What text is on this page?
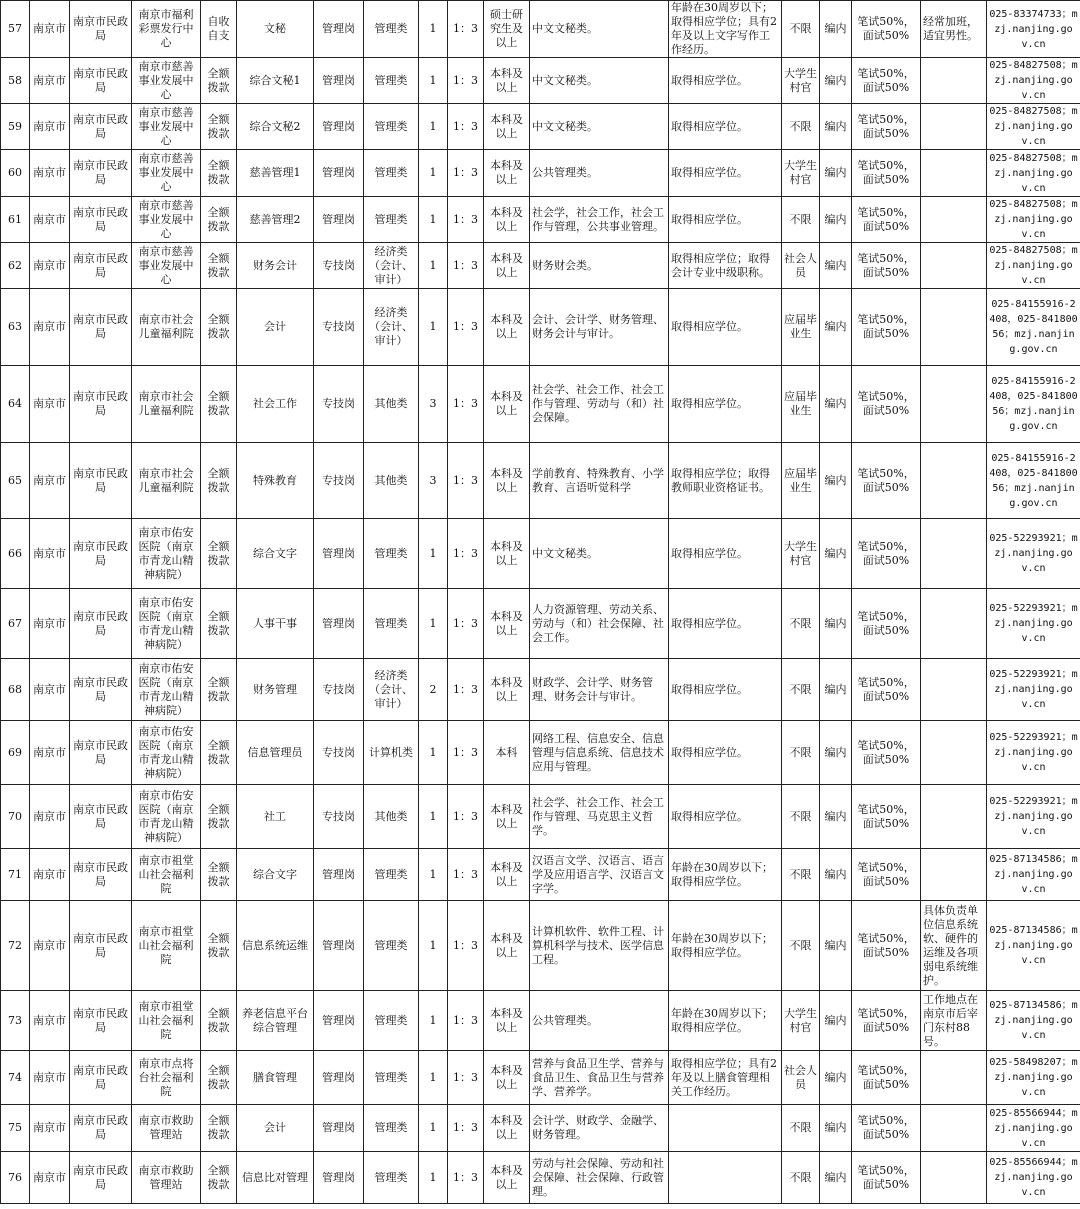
57	南京市	南京市民政局	南京市福利彩票发行中心	自收自支	文秘	管理岗	管理类	1	1：3	硕士研究生及以上	中文文秘类。	年龄在30周岁以下；取得相应学位；具有2年及以上文字写作工作经历。	不限	编内	笔试50%，面试50%	经常加班，适宜男性。	025-83374733；mzj.nanjing.gov.cn
58	南京市	南京市民政局	南京市慈善事业发展中心	全额拨款	综合文秘1	管理岗	管理类	1	1：3	本科及以上	中文文秘类。	取得相应学位。	大学生村官	编内	笔试50%，面试50%		025-84827508；mzj.nanjing.gov.cn
59	南京市	南京市民政局	南京市慈善事业发展中心	全额拨款	综合文秘2	管理岗	管理类	1	1：3	本科及以上	中文文秘类。	取得相应学位。	不限	编内	笔试50%，面试50%		025-84827508；mzj.nanjing.gov.cn
60	南京市	南京市民政局	南京市慈善事业发展中心	全额拨款	慈善管理1	管理岗	管理类	1	1：3	本科及以上	公共管理类。	取得相应学位。	大学生村官	编内	笔试50%，面试50%		025-84827508；mzj.nanjing.gov.cn
61	南京市	南京市民政局	南京市慈善事业发展中心	全额拨款	慈善管理2	管理岗	管理类	1	1：3	本科及以上	社会学，社会工作，社会工作与管理，公共事业管理。	取得相应学位。	不限	编内	笔试50%，面试50%		025-84827508；mzj.nanjing.gov.cn
62	南京市	南京市民政局	南京市慈善事业发展中心	全额拨款	财务会计	专技岗	经济类（会计、审计）	1	1：3	本科及以上	财务财会类。	取得相应学位；取得会计专业中级职称。	社会人员	编内	笔试50%，面试50%		025-84827508；mzj.nanjing.gov.cn
63	南京市	南京市民政局	南京市社会儿童福利院	全额拨款	会计	专技岗	经济类（会计、审计）	1	1：3	本科及以上	会计、会计学、财务管理、财务会计与审计。	取得相应学位。	应届毕业生	编内	笔试50%，面试50%		025-84155916-2408，025-84180056；mzj.nanjing.gov.cn
64	南京市	南京市民政局	南京市社会儿童福利院	全额拨款	社会工作	专技岗	其他类	3	1：3	本科及以上	社会学、社会工作、社会工作与管理、劳动与（和）社会保障。	取得相应学位。	应届毕业生	编内	笔试50%，面试50%		025-84155916-2408，025-84180056；mzj.nanjing.gov.cn
65	南京市	南京市民政局	南京市社会儿童福利院	全额拨款	特殊教育	专技岗	其他类	3	1：3	本科及以上	学前教育、特殊教育、小学教育、言语听觉科学	取得相应学位；取得教师职业资格证书。	应届毕业生	编内	笔试50%，面试50%		025-84155916-2408，025-84180056；mzj.nanjing.gov.cn
66	南京市	南京市民政局	南京市佑安医院（南京市青龙山精神病院）	全额拨款	综合文字	管理岗	管理类	1	1：3	本科及以上	中文文秘类。	取得相应学位。	大学生村官	编内	笔试50%，面试50%		025-52293921；mzj.nanjing.gov.cn
67	南京市	南京市民政局	南京市佑安医院（南京市青龙山精神病院）	全额拨款	人事干事	管理岗	管理类	1	1：3	本科及以上	人力资源管理、劳动关系、劳动与（和）社会保障、社会工作。	取得相应学位。	不限	编内	笔试50%，面试50%		025-52293921；mzj.nanjing.gov.cn
68	南京市	南京市民政局	南京市佑安医院（南京市青龙山精神病院）	全额拨款	财务管理	专技岗	经济类（会计、审计）	2	1：3	本科及以上	财政学、会计学、财务管理、财务会计与审计。	取得相应学位。	不限	编内	笔试50%，面试50%		025-52293921；mzj.nanjing.gov.cn
69	南京市	南京市民政局	南京市佑安医院（南京市青龙山精神病院）	全额拨款	信息管理员	专技岗	计算机类	1	1：3	本科	网络工程、信息安全、信息管理与信息系统、信息技术应用与管理。	取得相应学位。	不限	编内	笔试50%，面试50%		025-52293921；mzj.nanjing.gov.cn
70	南京市	南京市民政局	南京市佑安医院（南京市青龙山精神病院）	全额拨款	社工	专技岗	其他类	1	1：3	本科及以上	社会学、社会工作、社会工作与管理、马克思主义哲学。	取得相应学位。	不限	编内	笔试50%，面试50%		025-52293921；mzj.nanjing.gov.cn
71	南京市	南京市民政局	南京市祖堂山社会福利院	全额拨款	综合文字	管理岗	管理类	1	1：3	本科及以上	汉语言文学、汉语言、语言学及应用语言学、汉语言文字学。	年龄在30周岁以下；取得相应学位。	不限	编内	笔试50%，面试50%		025-87134586；mzj.nanjing.gov.cn
72	南京市	南京市民政局	南京市祖堂山社会福利院	全额拨款	信息系统运维	管理岗	管理类	1	1：3	本科及以上	计算机软件、软件工程、计算机科学与技术、医学信息工程。	年龄在30周岁以下；取得相应学位。	不限	编内	笔试50%，面试50%	具体负责单位信息系统软、硬件的运维及各项弱电系统维护。	025-87134586；mzj.nanjing.gov.cn
73	南京市	南京市民政局	南京市祖堂山社会福利院	全额拨款	养老信息平台综合管理	管理岗	管理类	1	1：3	本科及以上	公共管理类。	年龄在30周岁以下；取得相应学位。	大学生村官	编内	笔试50%，面试50%	工作地点在南京市后宰门东村88号。	025-87134586；mzj.nanjing.gov.cn
74	南京市	南京市民政局	南京市点将台社会福利院	全额拨款	膳食管理	管理岗	管理类	1	1：3	本科及以上	营养与食品卫生学、营养与食品卫生、食品卫生与营养学、营养学。	取得相应学位；具有2年及以上膳食管理相关工作经历。	社会人员	编内	笔试50%，面试50%		025-58498207；mzj.nanjing.gov.cn
75	南京市	南京市民政局	南京市救助管理站	全额拨款	会计	管理岗	管理类	1	1：3	本科及以上	会计学、财政学、金融学、财务管理。		不限	编内	笔试50%，面试50%		025-85566944；mzj.nanjing.gov.cn
76	南京市	南京市民政局	南京市救助管理站	全额拨款	信息比对管理	管理岗	管理类	1	1：3	本科及以上	劳动与社会保障、劳动和社会保障、社会保障、行政管理。		不限	编内	笔试50%，面试50%		025-85566944；mzj.nanjing.gov.cn
